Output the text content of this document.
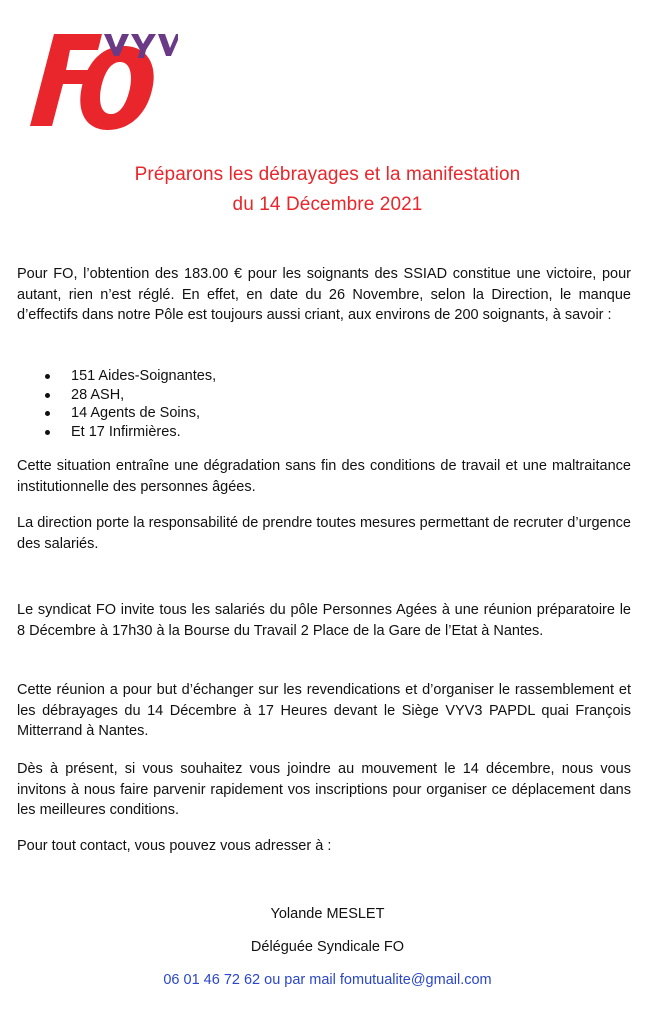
Préparons les débrayages et la manifestation
du 14 Décembre 2021

Pour FO, l’obtention des 183.00 € pour les soignants des SSIAD constitue une victoire, pour autant, rien n’est réglé. En effet, en date du 26 Novembre, selon la Direction, le manque d’effectifs dans notre Pôle est toujours aussi criant, aux environs de 200 soignants, à savoir :

151 Aides-Soignantes,
28 ASH,
14 Agents de Soins,
Et 17 Infirmières.

Cette situation entraîne une dégradation sans fin des conditions de travail et une maltraitance institutionnelle des personnes âgées.

La direction porte la responsabilité de prendre toutes mesures permettant de recruter d’urgence des salariés.

Le syndicat FO invite tous les salariés du pôle Personnes Agées à une réunion préparatoire le 8 Décembre à 17h30 à la Bourse du Travail 2 Place de la Gare de l’Etat à Nantes.

Cette réunion a pour but d’échanger sur les revendications et d’organiser le rassemblement et les débrayages du 14 Décembre à 17 Heures devant le Siège VYV3 PAPDL quai François Mitterrand à Nantes.

Dès à présent, si vous souhaitez vous joindre au mouvement le 14 décembre, nous vous invitons à nous faire parvenir rapidement vos inscriptions pour organiser ce déplacement dans les meilleures conditions.

Pour tout contact, vous pouvez vous adresser à :

Yolande MESLET
Déléguée Syndicale FO
06 01 46 72 62 ou par mail fomutualite@gmail.com
